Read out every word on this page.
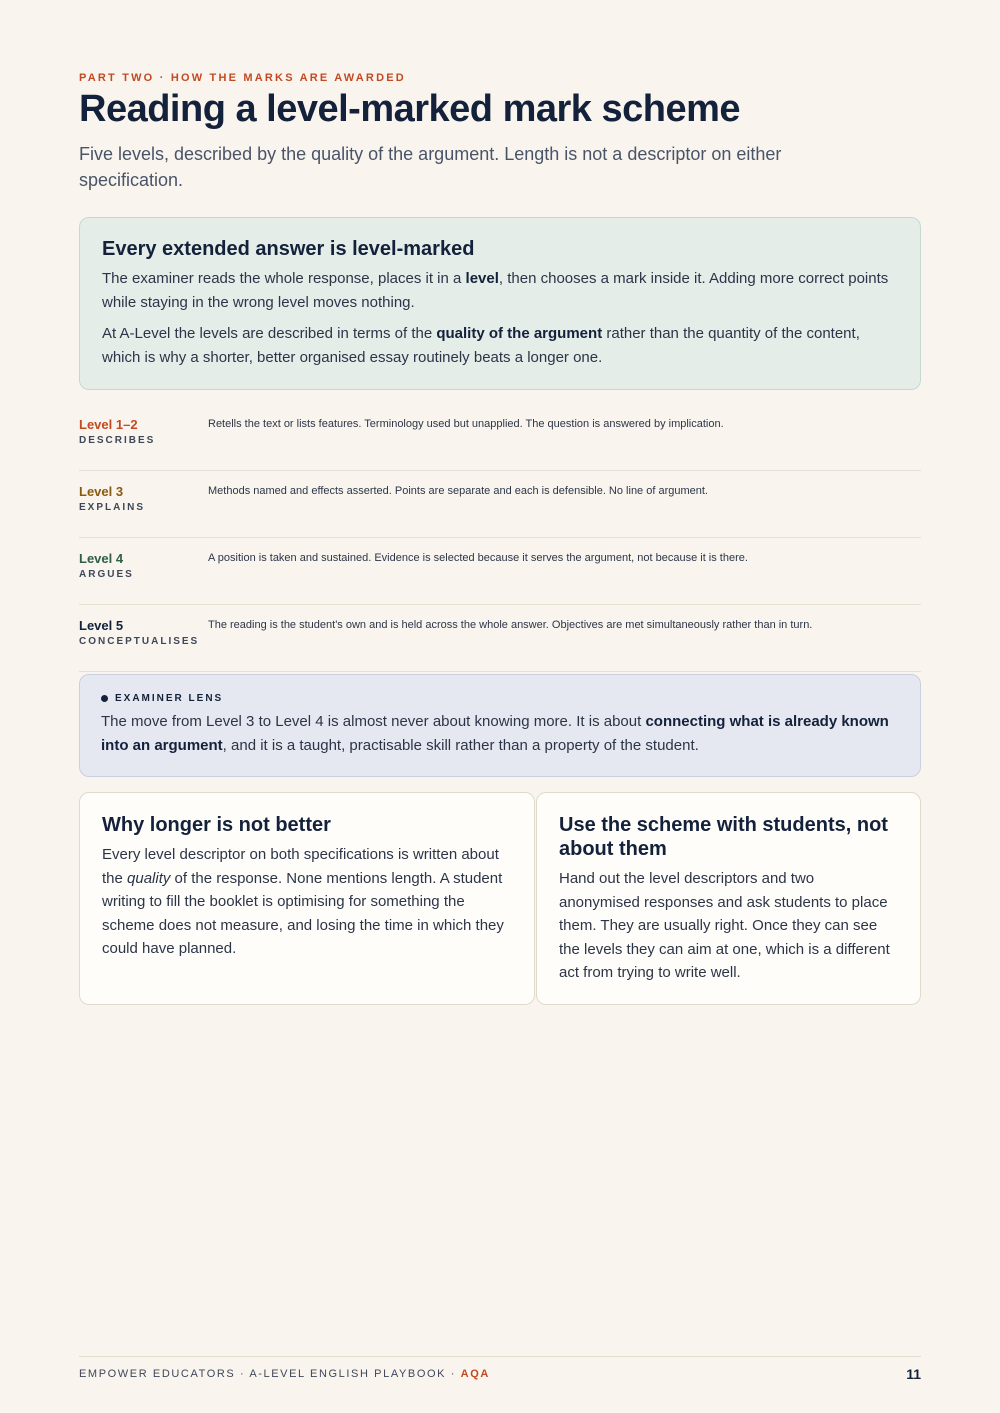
PART TWO · HOW THE MARKS ARE AWARDED
Reading a level-marked mark scheme

Five levels, described by the quality of the argument. Length is not a descriptor on either specification.

Every extended answer is level-marked

The examiner reads the whole response, places it in a level, then chooses a mark inside it. Adding more correct points while staying in the wrong level moves nothing.

At A-Level the levels are described in terms of the quality of the argument rather than the quantity of the content, which is why a shorter, better organised essay routinely beats a longer one.

Level 1–2
DESCRIBES
Retells the text or lists features. Terminology used but unapplied. The question is answered by implication.
Level 3
EXPLAINS
Methods named and effects asserted. Points are separate and each is defensible. No line of argument.
Level 4
ARGUES
A position is taken and sustained. Evidence is selected because it serves the argument, not because it is there.
Level 5
CONCEPTUALISES
The reading is the student's own and is held across the whole answer. Objectives are met simultaneously rather than in turn.
EXAMINER LENS

The move from Level 3 to Level 4 is almost never about knowing more. It is about connecting what is already known into an argument, and it is a taught, practisable skill rather than a property of the student.

Why longer is not better

Every level descriptor on both specifications is written about the quality of the response. None mentions length. A student writing to fill the booklet is optimising for something the scheme does not measure, and losing the time in which they could have planned.

Use the scheme with students, not about them

Hand out the level descriptors and two anonymised responses and ask students to place them. They are usually right. Once they can see the levels they can aim at one, which is a different act from trying to write well.

EMPOWER EDUCATORS · A-LEVEL ENGLISH PLAYBOOK · AQA	11
